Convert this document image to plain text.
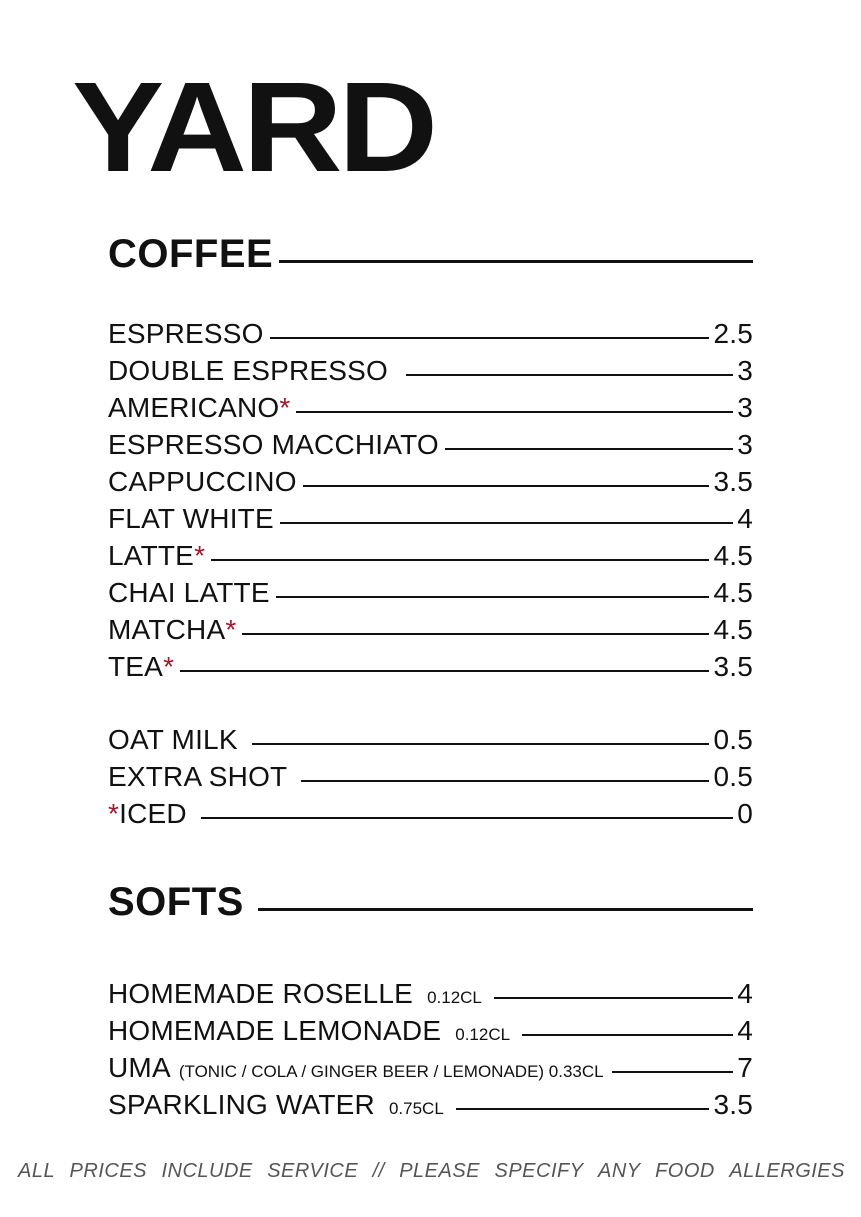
YARD
COFFEE
ESPRESSO	2.5
DOUBLE ESPRESSO	3
AMERICANO *	3
ESPRESSO MACCHIATO	3
CAPPUCCINO	3.5
FLAT WHITE	4
LATTE *	4.5
CHAI LATTE	4.5
MATCHA *	4.5
TEA *	3.5
OAT MILK	0.5
EXTRA SHOT	0.5
* ICED	0
SOFTS
HOMEMADE ROSELLE 0.12CL	4
HOMEMADE LEMONADE 0.12CL	4
UMA (TONIC / COLA / GINGER BEER / LEMONADE) 0.33CL	7
SPARKLING WATER 0.75CL	3.5
ALL PRICES INCLUDE SERVICE // PLEASE SPECIFY ANY FOOD ALLERGIES
